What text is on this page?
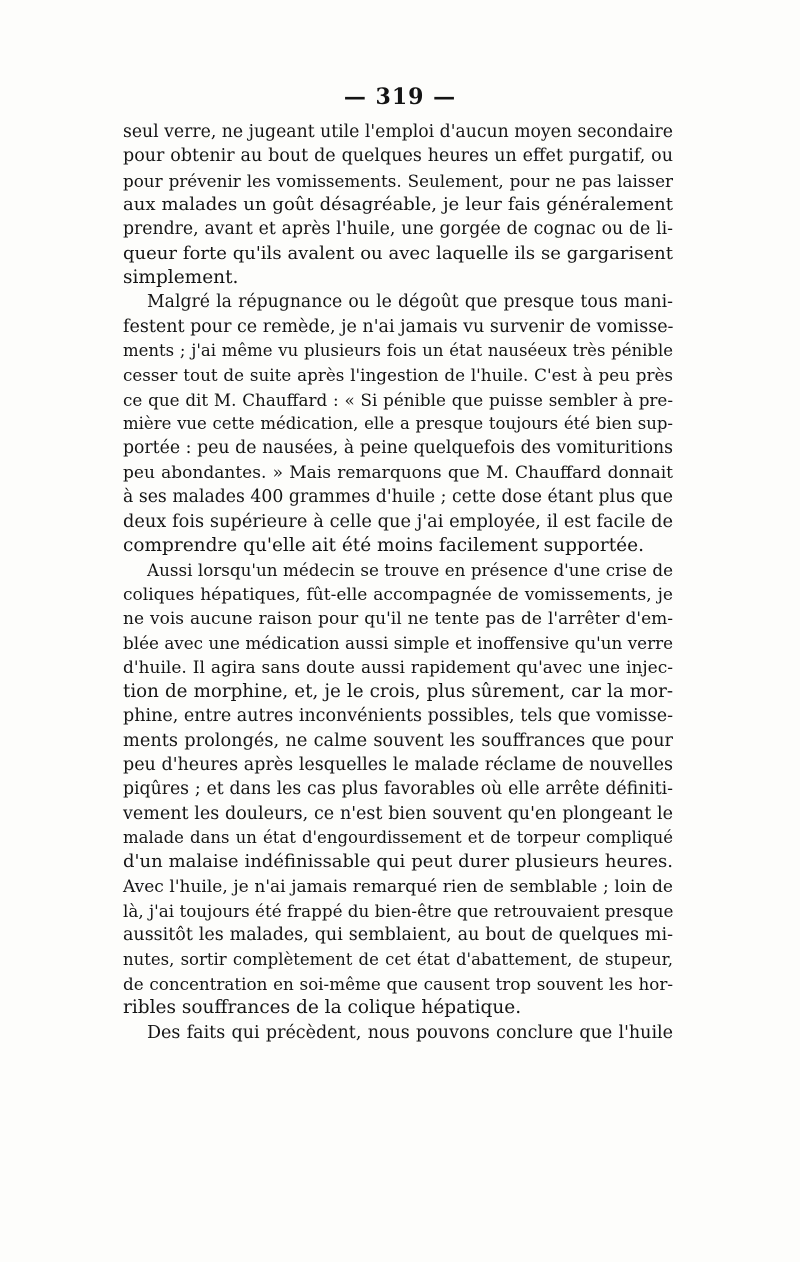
— 319 —
seul verre, ne jugeant utile l'emploi d'aucun moyen secondaire
pour obtenir au bout de quelques heures un effet purgatif, ou
pour prévenir les vomissements. Seulement, pour ne pas laisser
aux malades un goût désagréable, je leur fais généralement
prendre, avant et après l'huile, une gorgée de cognac ou de li-
queur forte qu'ils avalent ou avec laquelle ils se gargarisent
simplement.
Malgré la répugnance ou le dégoût que presque tous mani-
festent pour ce remède, je n'ai jamais vu survenir de vomisse-
ments ; j'ai même vu plusieurs fois un état nauséeux très pénible
cesser tout de suite après l'ingestion de l'huile. C'est à peu près
ce que dit M. Chauffard : « Si pénible que puisse sembler à pre-
mière vue cette médication, elle a presque toujours été bien sup-
portée : peu de nausées, à peine quelquefois des vomituritions
peu abondantes. » Mais remarquons que M. Chauffard donnait
à ses malades 400 grammes d'huile ; cette dose étant plus que
deux fois supérieure à celle que j'ai employée, il est facile de
comprendre qu'elle ait été moins facilement supportée.
Aussi lorsqu'un médecin se trouve en présence d'une crise de
coliques hépatiques, fût-elle accompagnée de vomissements, je
ne vois aucune raison pour qu'il ne tente pas de l'arrêter d'em-
blée avec une médication aussi simple et inoffensive qu'un verre
d'huile. Il agira sans doute aussi rapidement qu'avec une injec-
tion de morphine, et, je le crois, plus sûrement, car la mor-
phine, entre autres inconvénients possibles, tels que vomisse-
ments prolongés, ne calme souvent les souffrances que pour
peu d'heures après lesquelles le malade réclame de nouvelles
piqûres ; et dans les cas plus favorables où elle arrête définiti-
vement les douleurs, ce n'est bien souvent qu'en plongeant le
malade dans un état d'engourdissement et de torpeur compliqué
d'un malaise indéfinissable qui peut durer plusieurs heures.
Avec l'huile, je n'ai jamais remarqué rien de semblable ; loin de
là, j'ai toujours été frappé du bien-être que retrouvaient presque
aussitôt les malades, qui semblaient, au bout de quelques mi-
nutes, sortir complètement de cet état d'abattement, de stupeur,
de concentration en soi-même que causent trop souvent les hor-
ribles souffrances de la colique hépatique.
Des faits qui précèdent, nous pouvons conclure que l'huile
